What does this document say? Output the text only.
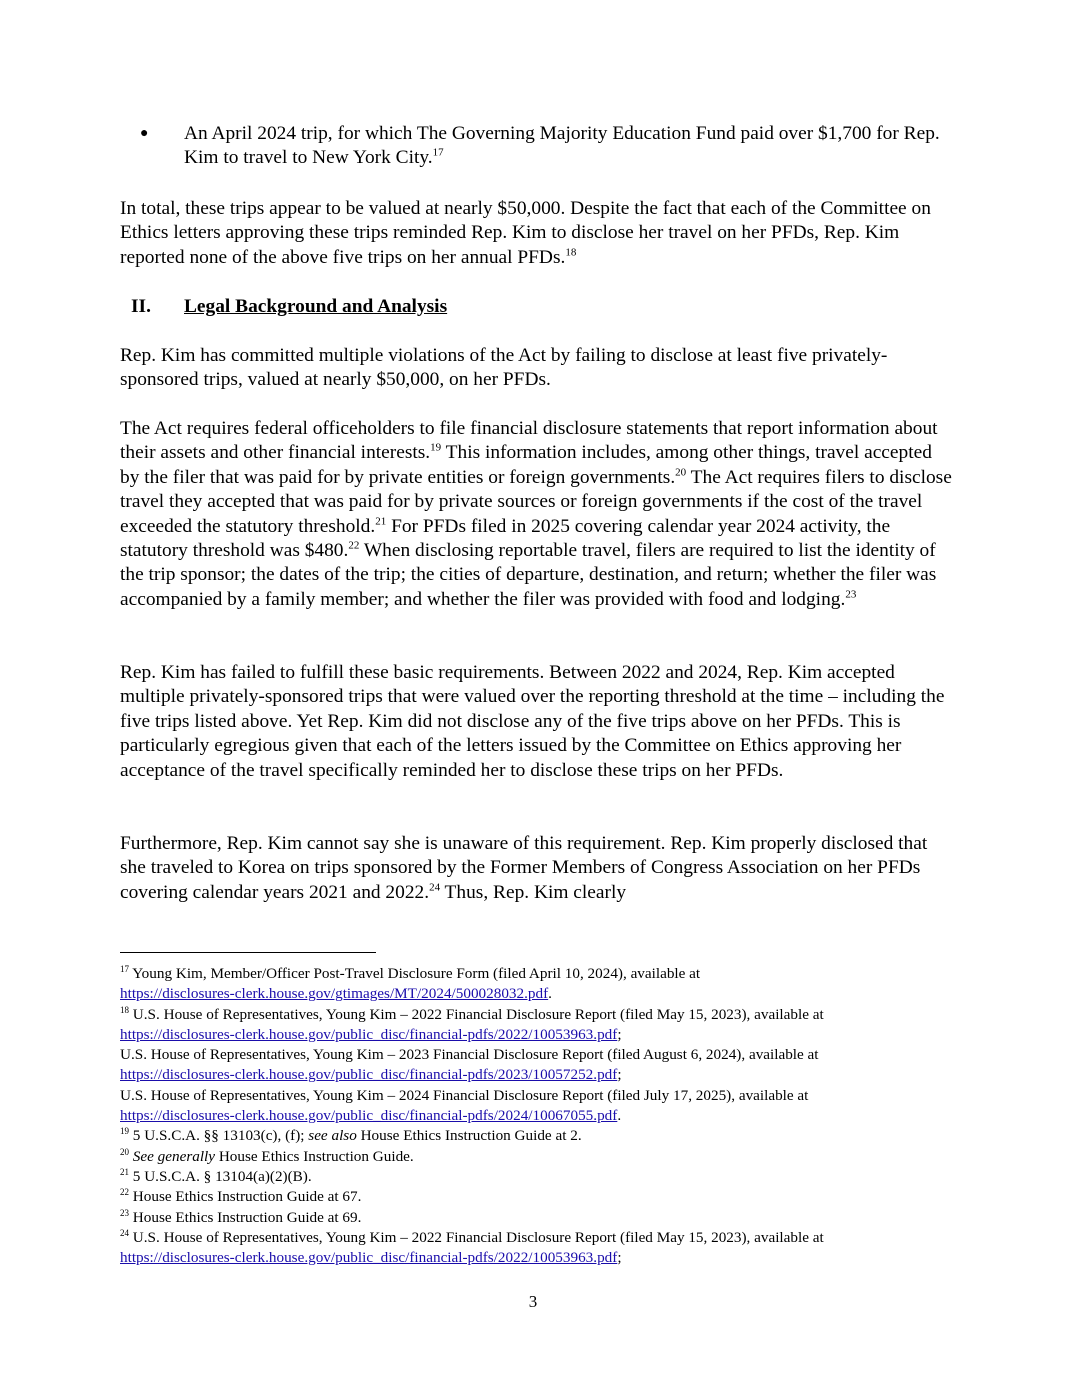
●	An April 2024 trip, for which The Governing Majority Education Fund paid over $1,700 for Rep. Kim to travel to New York City.$^{17}$

In total, these trips appear to be valued at nearly $50,000. Despite the fact that each of the Committee on Ethics letters approving these trips reminded Rep. Kim to disclose her travel on her PFDs, Rep. Kim reported none of the above five trips on her annual PFDs.$^{18}$

II. Legal Background and Analysis

Rep. Kim has committed multiple violations of the Act by failing to disclose at least five privately-sponsored trips, valued at nearly $50,000, on her PFDs.

The Act requires federal officeholders to file financial disclosure statements that report information about their assets and other financial interests.$^{19}$ This information includes, among other things, travel accepted by the filer that was paid for by private entities or foreign governments.$^{20}$ The Act requires filers to disclose travel they accepted that was paid for by private sources or foreign governments if the cost of the travel exceeded the statutory threshold.$^{21}$ For PFDs filed in 2025 covering calendar year 2024 activity, the statutory threshold was $480.22 When disclosing reportable travel, filers are required to list the identity of the trip sponsor; the dates of the trip; the cities of departure, destination, and return; whether the filer was accompanied by a family member; and whether the filer was provided with food and lodging.$^{23}$

Rep. Kim has failed to fulfill these basic requirements. Between 2022 and 2024, Rep. Kim accepted multiple privately-sponsored trips that were valued over the reporting threshold at the time – including the five trips listed above. Yet Rep. Kim did not disclose any of the five trips above on her PFDs. This is particularly egregious given that each of the letters issued by the Committee on Ethics approving her acceptance of the travel specifically reminded her to disclose these trips on her PFDs.

Furthermore, Rep. Kim cannot say she is unaware of this requirement. Rep. Kim properly disclosed that she traveled to Korea on trips sponsored by the Former Members of Congress Association on her PFDs covering calendar years 2021 and 2022.24 Thus, Rep. Kim clearly

$^{17}$ Young Kim, Member/Officer Post-Travel Disclosure Form (filed April 10, 2024), available at
https://disclosures-clerk.house.gov/gtimages/MT/2024/500028032.pdf.

$^{18}$ U.S. House of Representatives, Young Kim – 2022 Financial Disclosure Report (filed May 15, 2023), available at
https://disclosures-clerk.house.gov/public_disc/financial-pdfs/2022/10053963.pdf;

U.S. House of Representatives, Young Kim – 2023 Financial Disclosure Report (filed August 6, 2024), available at
https://disclosures-clerk.house.gov/public_disc/financial-pdfs/2023/10057252.pdf;

U.S. House of Representatives, Young Kim – 2024 Financial Disclosure Report (filed July 17, 2025), available at
https://disclosures-clerk.house.gov/public_disc/financial-pdfs/2024/10067055.pdf.

$^{19}$ 5 U.S.C.A. §§ 13103(c), (f); see also House Ethics Instruction Guide at 2.

$^{20}$ See generally House Ethics Instruction Guide.

$^{21}$ 5 U.S.C.A. § 13104(a)(2)(B).

$^{22}$ House Ethics Instruction Guide at 67.

$^{23}$ House Ethics Instruction Guide at 69.

$^{24}$ U.S. House of Representatives, Young Kim – 2022 Financial Disclosure Report (filed May 15, 2023), available at
https://disclosures-clerk.house.gov/public_disc/financial-pdfs/2022/10053963.pdf;

3
